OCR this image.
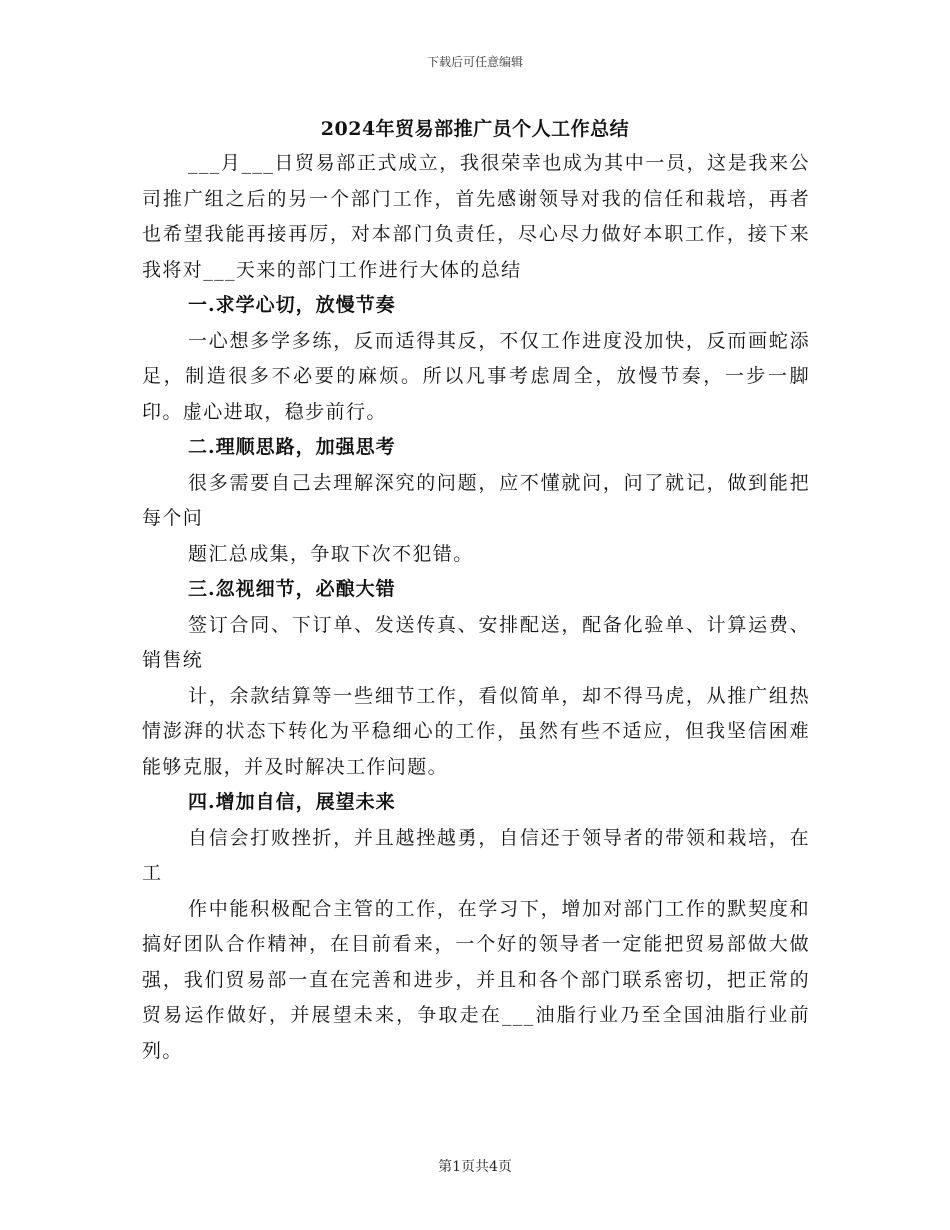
下载后可任意编辑
2024年贸易部推广员个人工作总结

___月___日贸易部正式成立，我很荣幸也成为其中一员，这是我来公司推广组之后的另一个部门工作，首先感谢领导对我的信任和栽培，再者也希望我能再接再厉，对本部门负责任，尽心尽力做好本职工作，接下来我将对___天来的部门工作进行大体的总结

一.求学心切，放慢节奏

一心想多学多练，反而适得其反，不仅工作进度没加快，反而画蛇添足，制造很多不必要的麻烦。所以凡事考虑周全，放慢节奏，一步一脚印。虚心进取，稳步前行。

二.理顺思路，加强思考

很多需要自己去理解深究的问题，应不懂就问，问了就记，做到能把每个问

题汇总成集，争取下次不犯错。

三.忽视细节，必酿大错

签订合同、下订单、发送传真、安排配送，配备化验单、计算运费、销售统

计，余款结算等一些细节工作，看似简单，却不得马虎，从推广组热情澎湃的状态下转化为平稳细心的工作，虽然有些不适应，但我坚信困难能够克服，并及时解决工作问题。

四.增加自信，展望未来

自信会打败挫折，并且越挫越勇，自信还于领导者的带领和栽培，在工

作中能积极配合主管的工作，在学习下，增加对部门工作的默契度和搞好团队合作精神，在目前看来，一个好的领导者一定能把贸易部做大做强，我们贸易部一直在完善和进步，并且和各个部门联系密切，把正常的贸易运作做好，并展望未来，争取走在___油脂行业乃至全国油脂行业前列。

第1页共4页
